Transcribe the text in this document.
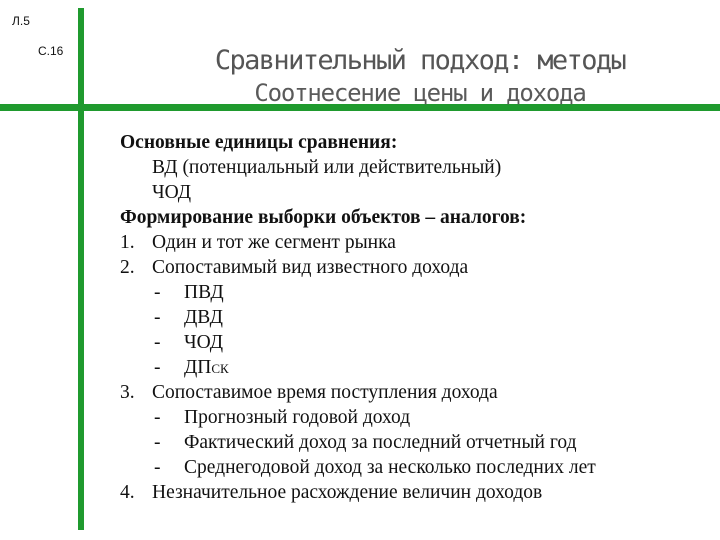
Л.5
С.16	Сравнительный подход: методы
Соотнесение цены и дохода
Основные единицы сравнения:
ВД (потенциальный или действительный)
ЧОД
Формирование выборки объектов – аналогов:
1. Один и тот же сегмент рынка
2. Сопоставимый вид известного дохода
- ПВД
- ДВД
- ЧОД
- ДПСК
3. Сопоставимое время поступления дохода
- Прогнозный годовой доход
- Фактический доход за последний отчетный год
- Среднегодовой доход за несколько последних лет
4. Незначительное расхождение величин доходов
